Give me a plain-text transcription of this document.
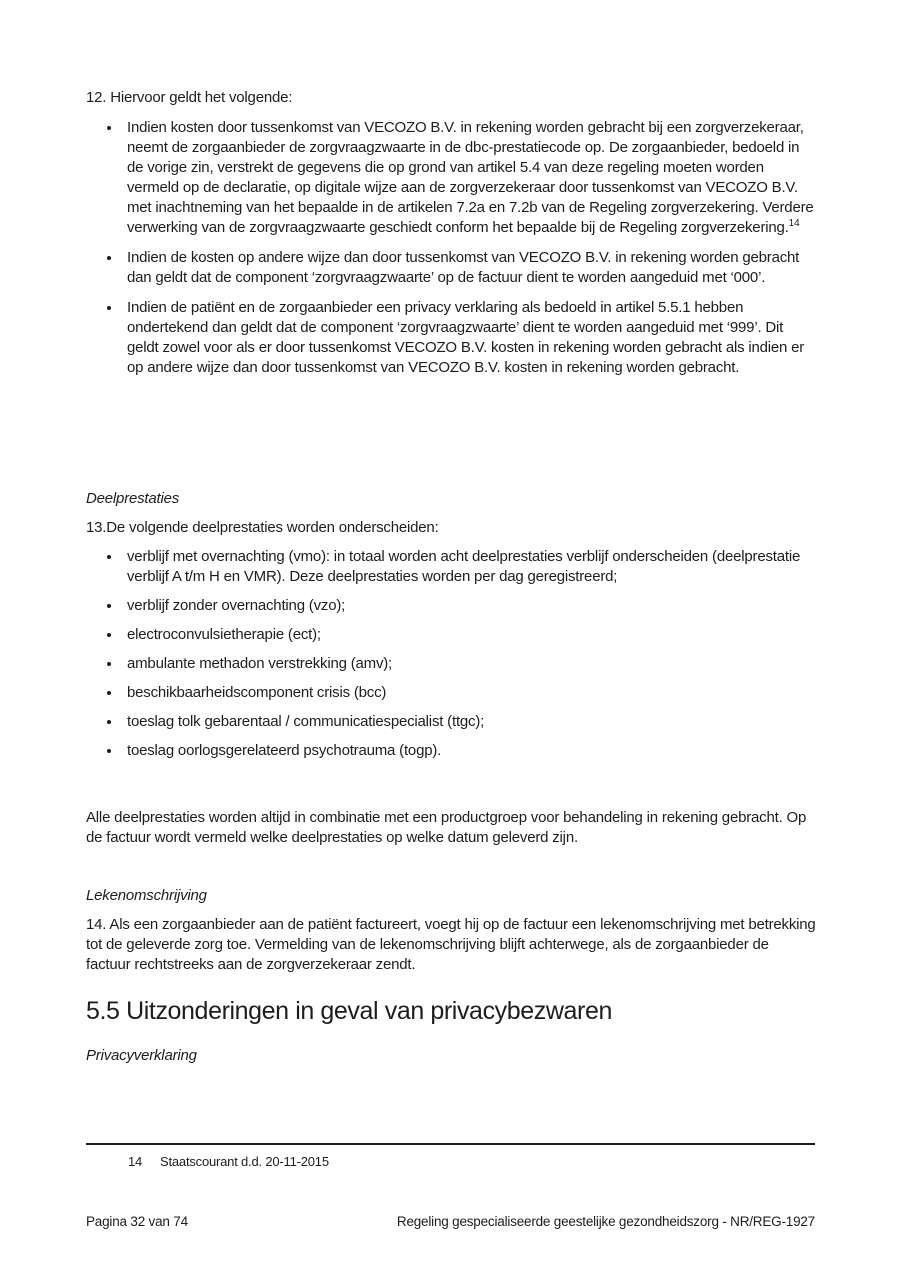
12. Hiervoor geldt het volgende:
Indien kosten door tussenkomst van VECOZO B.V. in rekening worden gebracht bij een zorgverzekeraar, neemt de zorgaanbieder de zorgvraagzwaarte in de dbc-prestatiecode op. De zorgaanbieder, bedoeld in de vorige zin, verstrekt de gegevens die op grond van artikel 5.4 van deze regeling moeten worden vermeld op de declaratie, op digitale wijze aan de zorgverzekeraar door tussenkomst van VECOZO B.V. met inachtneming van het bepaalde in de artikelen 7.2a en 7.2b van de Regeling zorgverzekering. Verdere verwerking van de zorgvraagzwaarte geschiedt conform het bepaalde bij de Regeling zorgverzekering.$^{14}$
Indien de kosten op andere wijze dan door tussenkomst van VECOZO B.V. in rekening worden gebracht dan geldt dat de component ‘zorgvraagzwaarte’ op de factuur dient te worden aangeduid met ‘000’.
Indien de patiënt en de zorgaanbieder een privacy verklaring als bedoeld in artikel 5.5.1 hebben ondertekend dan geldt dat de component ‘zorgvraagzwaarte’ dient te worden aangeduid met ‘999’. Dit geldt zowel voor als er door tussenkomst VECOZO B.V. kosten in rekening worden gebracht als indien er op andere wijze dan door tussenkomst van VECOZO B.V. kosten in rekening worden gebracht.
Deelprestaties
13.De volgende deelprestaties worden onderscheiden:
verblijf met overnachting (vmo): in totaal worden acht deelprestaties verblijf onderscheiden (deelprestatie verblijf A t/m H en VMR). Deze deelprestaties worden per dag geregistreerd;
verblijf zonder overnachting (vzo);
electroconvulsietherapie (ect);
ambulante methadon verstrekking (amv);
beschikbaarheidscomponent crisis (bcc)
toeslag tolk gebarentaal / communicatiespecialist (ttgc);
toeslag oorlogsgerelateerd psychotrauma (togp).
Alle deelprestaties worden altijd in combinatie met een productgroep voor behandeling in rekening gebracht. Op de factuur wordt vermeld welke deelprestaties op welke datum geleverd zijn.
Lekenomschrijving
14. Als een zorgaanbieder aan de patiënt factureert, voegt hij op de factuur een lekenomschrijving met betrekking tot de geleverde zorg toe. Vermelding van de lekenomschrijving blijft achterwege, als de zorgaanbieder de factuur rechtstreeks aan de zorgverzekeraar zendt.
5.5 Uitzonderingen in geval van privacybezwaren
Privacyverklaring
14 Staatscourant d.d. 20-11-2015
Pagina 32 van 74	Regeling gespecialiseerde geestelijke gezondheidszorg - NR/REG-1927
